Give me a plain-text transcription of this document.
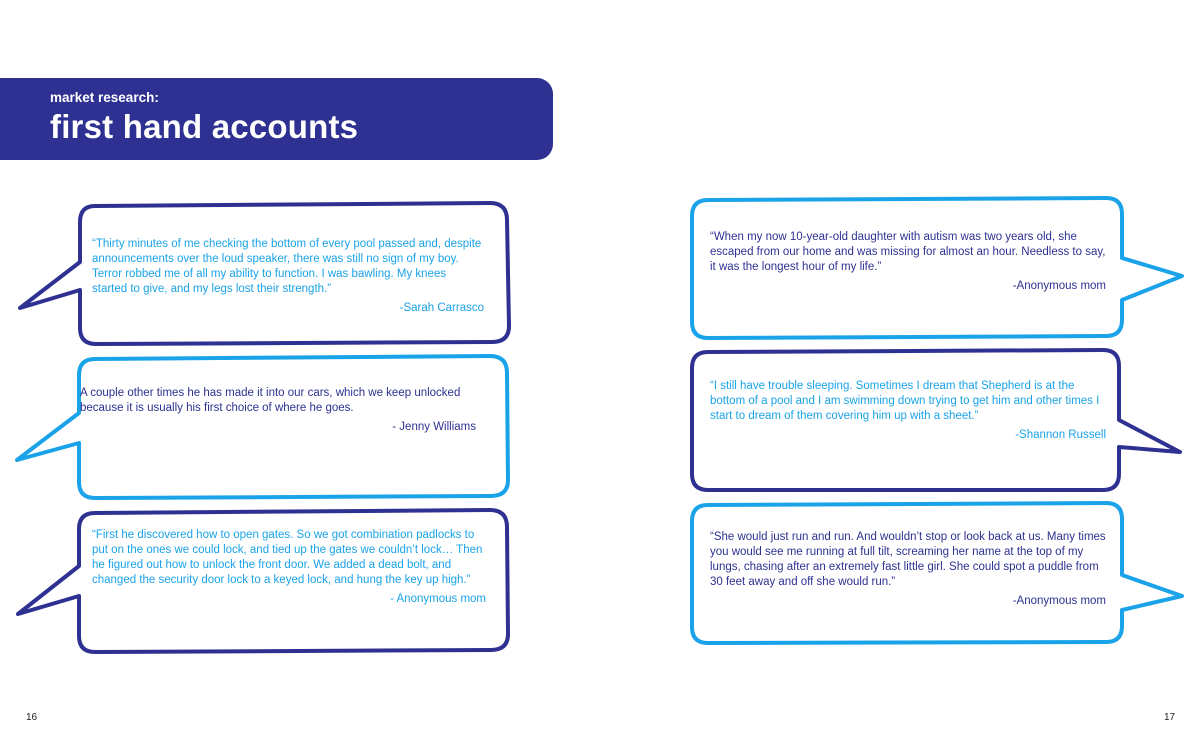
market research:
first hand accounts

“Thirty minutes of me checking the bottom of every pool passed and, despite announcements over the loud speaker, there was still no sign of my boy. Terror robbed me of all my ability to function. I was bawling. My knees started to give, and my legs lost their strength.”

-Sarah Carrasco

A couple other times he has made it into our cars, which we keep unlocked because it is usually his first choice of where he goes.

- Jenny Williams

“First he discovered how to open gates. So we got combination padlocks to put on the ones we could lock, and tied up the gates we couldn’t lock… Then he figured out how to unlock the front door. We added a dead bolt, and changed the security door lock to a keyed lock, and hung the key up high.”

- Anonymous mom

“When my now 10-year-old daughter with autism was two years old, she escaped from our home and was missing for almost an hour. Needless to say, it was the longest hour of my life.”

-Anonymous mom

“I still have trouble sleeping. Sometimes I dream that Shepherd is at the bottom of a pool and I am swimming down trying to get him and other times I start to dream of them covering him up with a sheet.”

-Shannon Russell

“She would just run and run. And wouldn’t stop or look back at us. Many times you would see me running at full tilt, screaming her name at the top of my lungs, chasing after an extremely fast little girl. She could spot a puddle from 30 feet away and off she would run.”

-Anonymous mom
16	17
